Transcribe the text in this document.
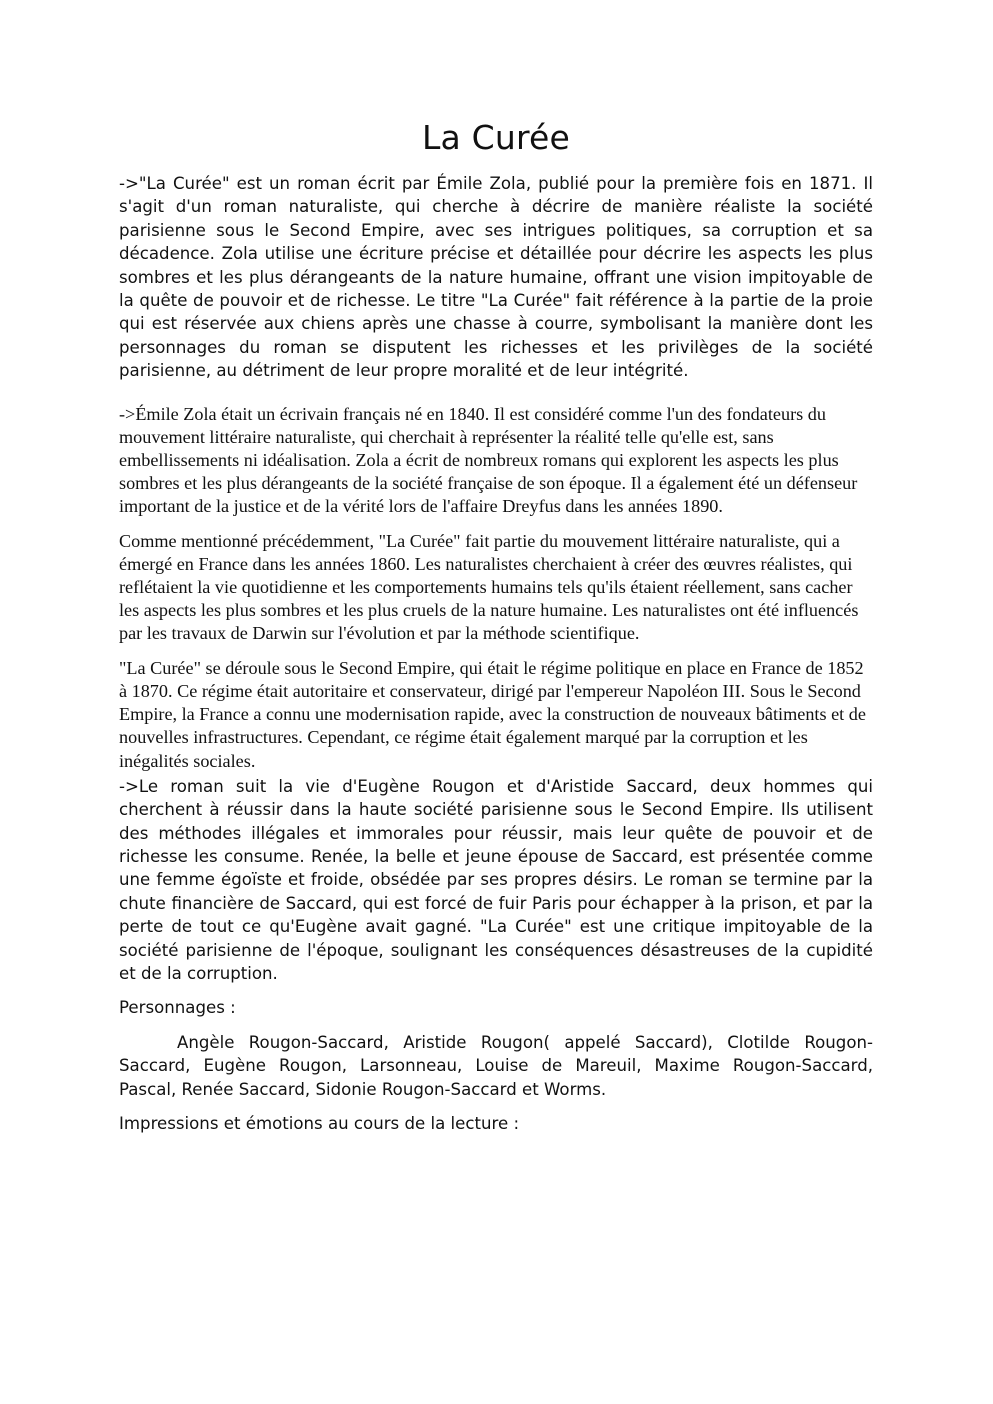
La Curée

->"La Curée" est un roman écrit par Émile Zola, publié pour la première fois en 1871. Il s'agit d'un roman naturaliste, qui cherche à décrire de manière réaliste la société parisienne sous le Second Empire, avec ses intrigues politiques, sa corruption et sa décadence. Zola utilise une écriture précise et détaillée pour décrire les aspects les plus sombres et les plus dérangeants de la nature humaine, offrant une vision impitoyable de la quête de pouvoir et de richesse. Le titre "La Curée" fait référence à la partie de la proie qui est réservée aux chiens après une chasse à courre, symbolisant la manière dont les personnages du roman se disputent les richesses et les privilèges de la société parisienne, au détriment de leur propre moralité et de leur intégrité.

->Émile Zola était un écrivain français né en 1840. Il est considéré comme l'un des fondateurs du mouvement littéraire naturaliste, qui cherchait à représenter la réalité telle qu'elle est, sans embellissements ni idéalisation. Zola a écrit de nombreux romans qui explorent les aspects les plus sombres et les plus dérangeants de la société française de son époque. Il a également été un défenseur important de la justice et de la vérité lors de l'affaire Dreyfus dans les années 1890.

Comme mentionné précédemment, "La Curée" fait partie du mouvement littéraire naturaliste, qui a émergé en France dans les années 1860. Les naturalistes cherchaient à créer des œuvres réalistes, qui reflétaient la vie quotidienne et les comportements humains tels qu'ils étaient réellement, sans cacher les aspects les plus sombres et les plus cruels de la nature humaine. Les naturalistes ont été influencés par les travaux de Darwin sur l'évolution et par la méthode scientifique.

"La Curée" se déroule sous le Second Empire, qui était le régime politique en place en France de 1852 à 1870. Ce régime était autoritaire et conservateur, dirigé par l'empereur Napoléon III. Sous le Second Empire, la France a connu une modernisation rapide, avec la construction de nouveaux bâtiments et de nouvelles infrastructures. Cependant, ce régime était également marqué par la corruption et les inégalités sociales.

->Le roman suit la vie d'Eugène Rougon et d'Aristide Saccard, deux hommes qui cherchent à réussir dans la haute société parisienne sous le Second Empire. Ils utilisent des méthodes illégales et immorales pour réussir, mais leur quête de pouvoir et de richesse les consume. Renée, la belle et jeune épouse de Saccard, est présentée comme une femme égoïste et froide, obsédée par ses propres désirs. Le roman se termine par la chute financière de Saccard, qui est forcé de fuir Paris pour échapper à la prison, et par la perte de tout ce qu'Eugène avait gagné. "La Curée" est une critique impitoyable de la société parisienne de l'époque, soulignant les conséquences désastreuses de la cupidité et de la corruption.

Personnages :

Angèle Rougon-Saccard, Aristide Rougon( appelé Saccard), Clotilde Rougon-Saccard, Eugène Rougon, Larsonneau, Louise de Mareuil, Maxime Rougon-Saccard, Pascal, Renée Saccard, Sidonie Rougon-Saccard et Worms.

Impressions et émotions au cours de la lecture :
